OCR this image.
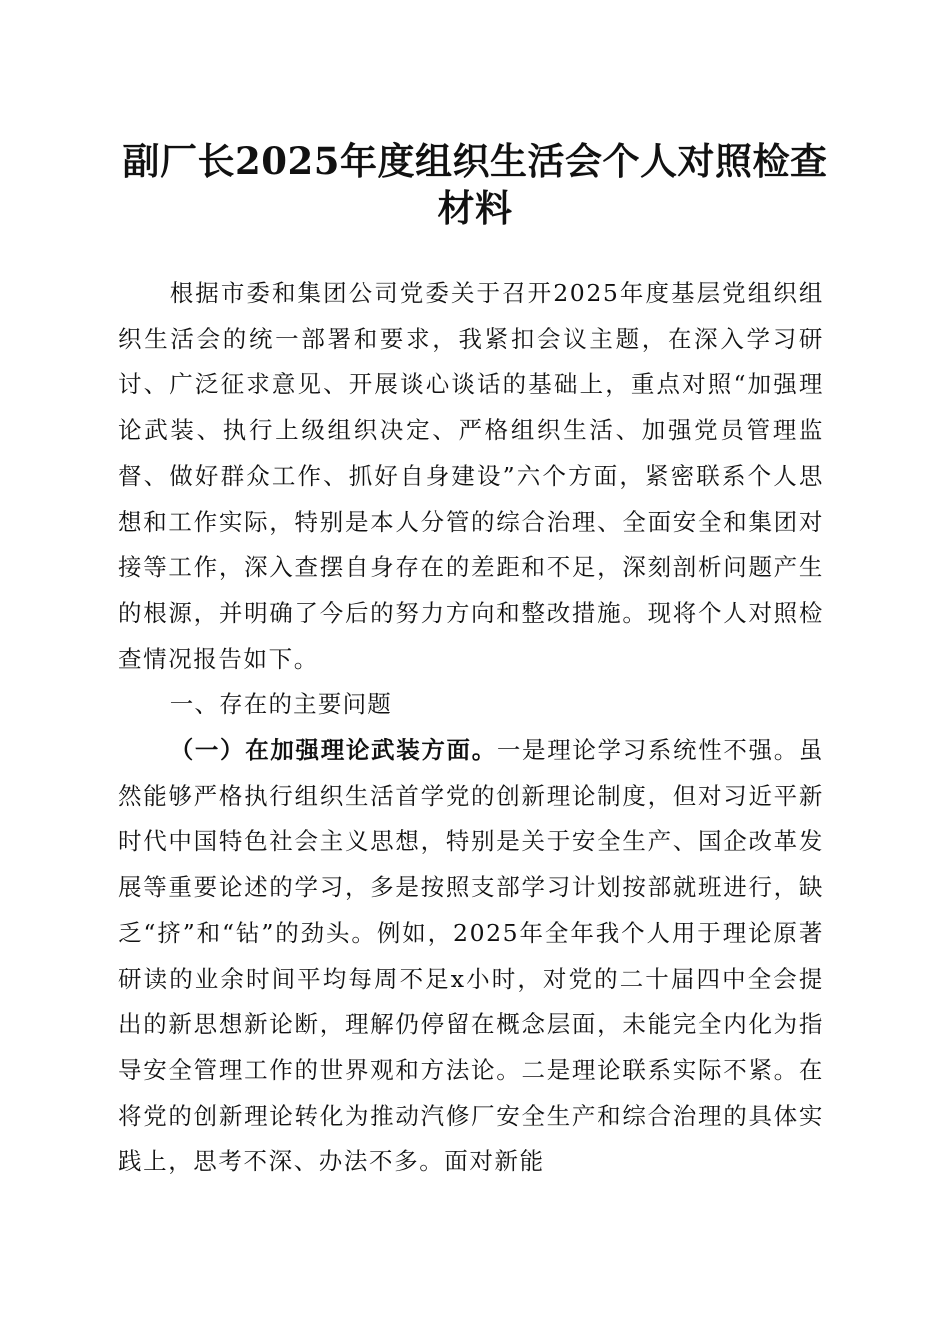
副厂长2025年度组织生活会个人对照检查材料

根据市委和集团公司党委关于召开2025年度基层党组织组织生活会的统一部署和要求，我紧扣会议主题，在深入学习研讨、广泛征求意见、开展谈心谈话的基础上，重点对照“加强理论武装、执行上级组织决定、严格组织生活、加强党员管理监督、做好群众工作、抓好自身建设”六个方面，紧密联系个人思想和工作实际，特别是本人分管的综合治理、全面安全和集团对接等工作，深入查摆自身存在的差距和不足，深刻剖析问题产生的根源，并明确了今后的努力方向和整改措施。现将个人对照检查情况报告如下。

一、存在的主要问题

（一）在加强理论武装方面。一是理论学习系统性不强。虽然能够严格执行组织生活首学党的创新理论制度，但对习近平新时代中国特色社会主义思想，特别是关于安全生产、国企改革发展等重要论述的学习，多是按照支部学习计划按部就班进行，缺乏“挤”和“钻”的劲头。例如，2025年全年我个人用于理论原著研读的业余时间平均每周不足x小时，对党的二十届四中全会提出的新思想新论断，理解仍停留在概念层面，未能完全内化为指导安全管理工作的世界观和方法论。二是理论联系实际不紧。在将党的创新理论转化为推动汽修厂安全生产和综合治理的具体实践上，思考不深、办法不多。面对新能
